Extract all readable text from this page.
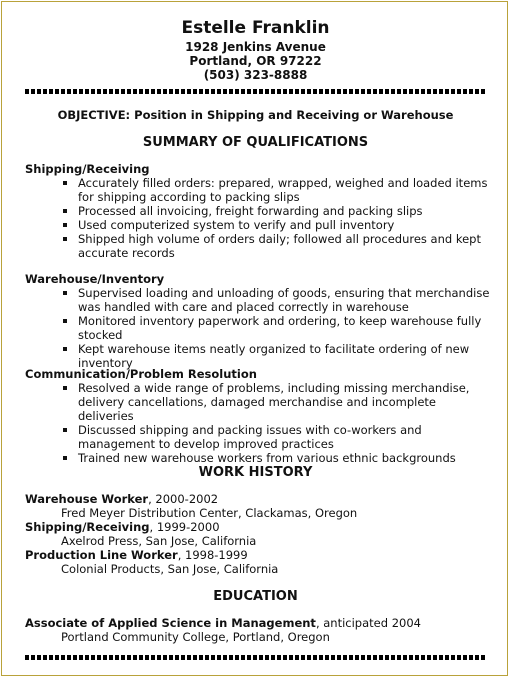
Estelle Franklin
1928 Jenkins Avenue
Portland, OR 97222
(503) 323-8888
OBJECTIVE: Position in Shipping and Receiving or Warehouse
SUMMARY OF QUALIFICATIONS
Shipping/Receiving
Accurately filled orders: prepared, wrapped, weighed and loaded items for shipping according to packing slips
Processed all invoicing, freight forwarding and packing slips
Used computerized system to verify and pull inventory
Shipped high volume of orders daily; followed all procedures and kept accurate records
Warehouse/Inventory
Supervised loading and unloading of goods, ensuring that merchandise was handled with care and placed correctly in warehouse
Monitored inventory paperwork and ordering, to keep warehouse fully stocked
Kept warehouse items neatly organized to facilitate ordering of new inventory
Communication/Problem Resolution
Resolved a wide range of problems, including missing merchandise, delivery cancellations, damaged merchandise and incomplete deliveries
Discussed shipping and packing issues with co-workers and management to develop improved practices
Trained new warehouse workers from various ethnic backgrounds
WORK HISTORY
Warehouse Worker, 2000-2002
Fred Meyer Distribution Center, Clackamas, Oregon
Shipping/Receiving, 1999-2000
Axelrod Press, San Jose, California
Production Line Worker, 1998-1999
Colonial Products, San Jose, California
EDUCATION
Associate of Applied Science in Management, anticipated 2004
Portland Community College, Portland, Oregon
